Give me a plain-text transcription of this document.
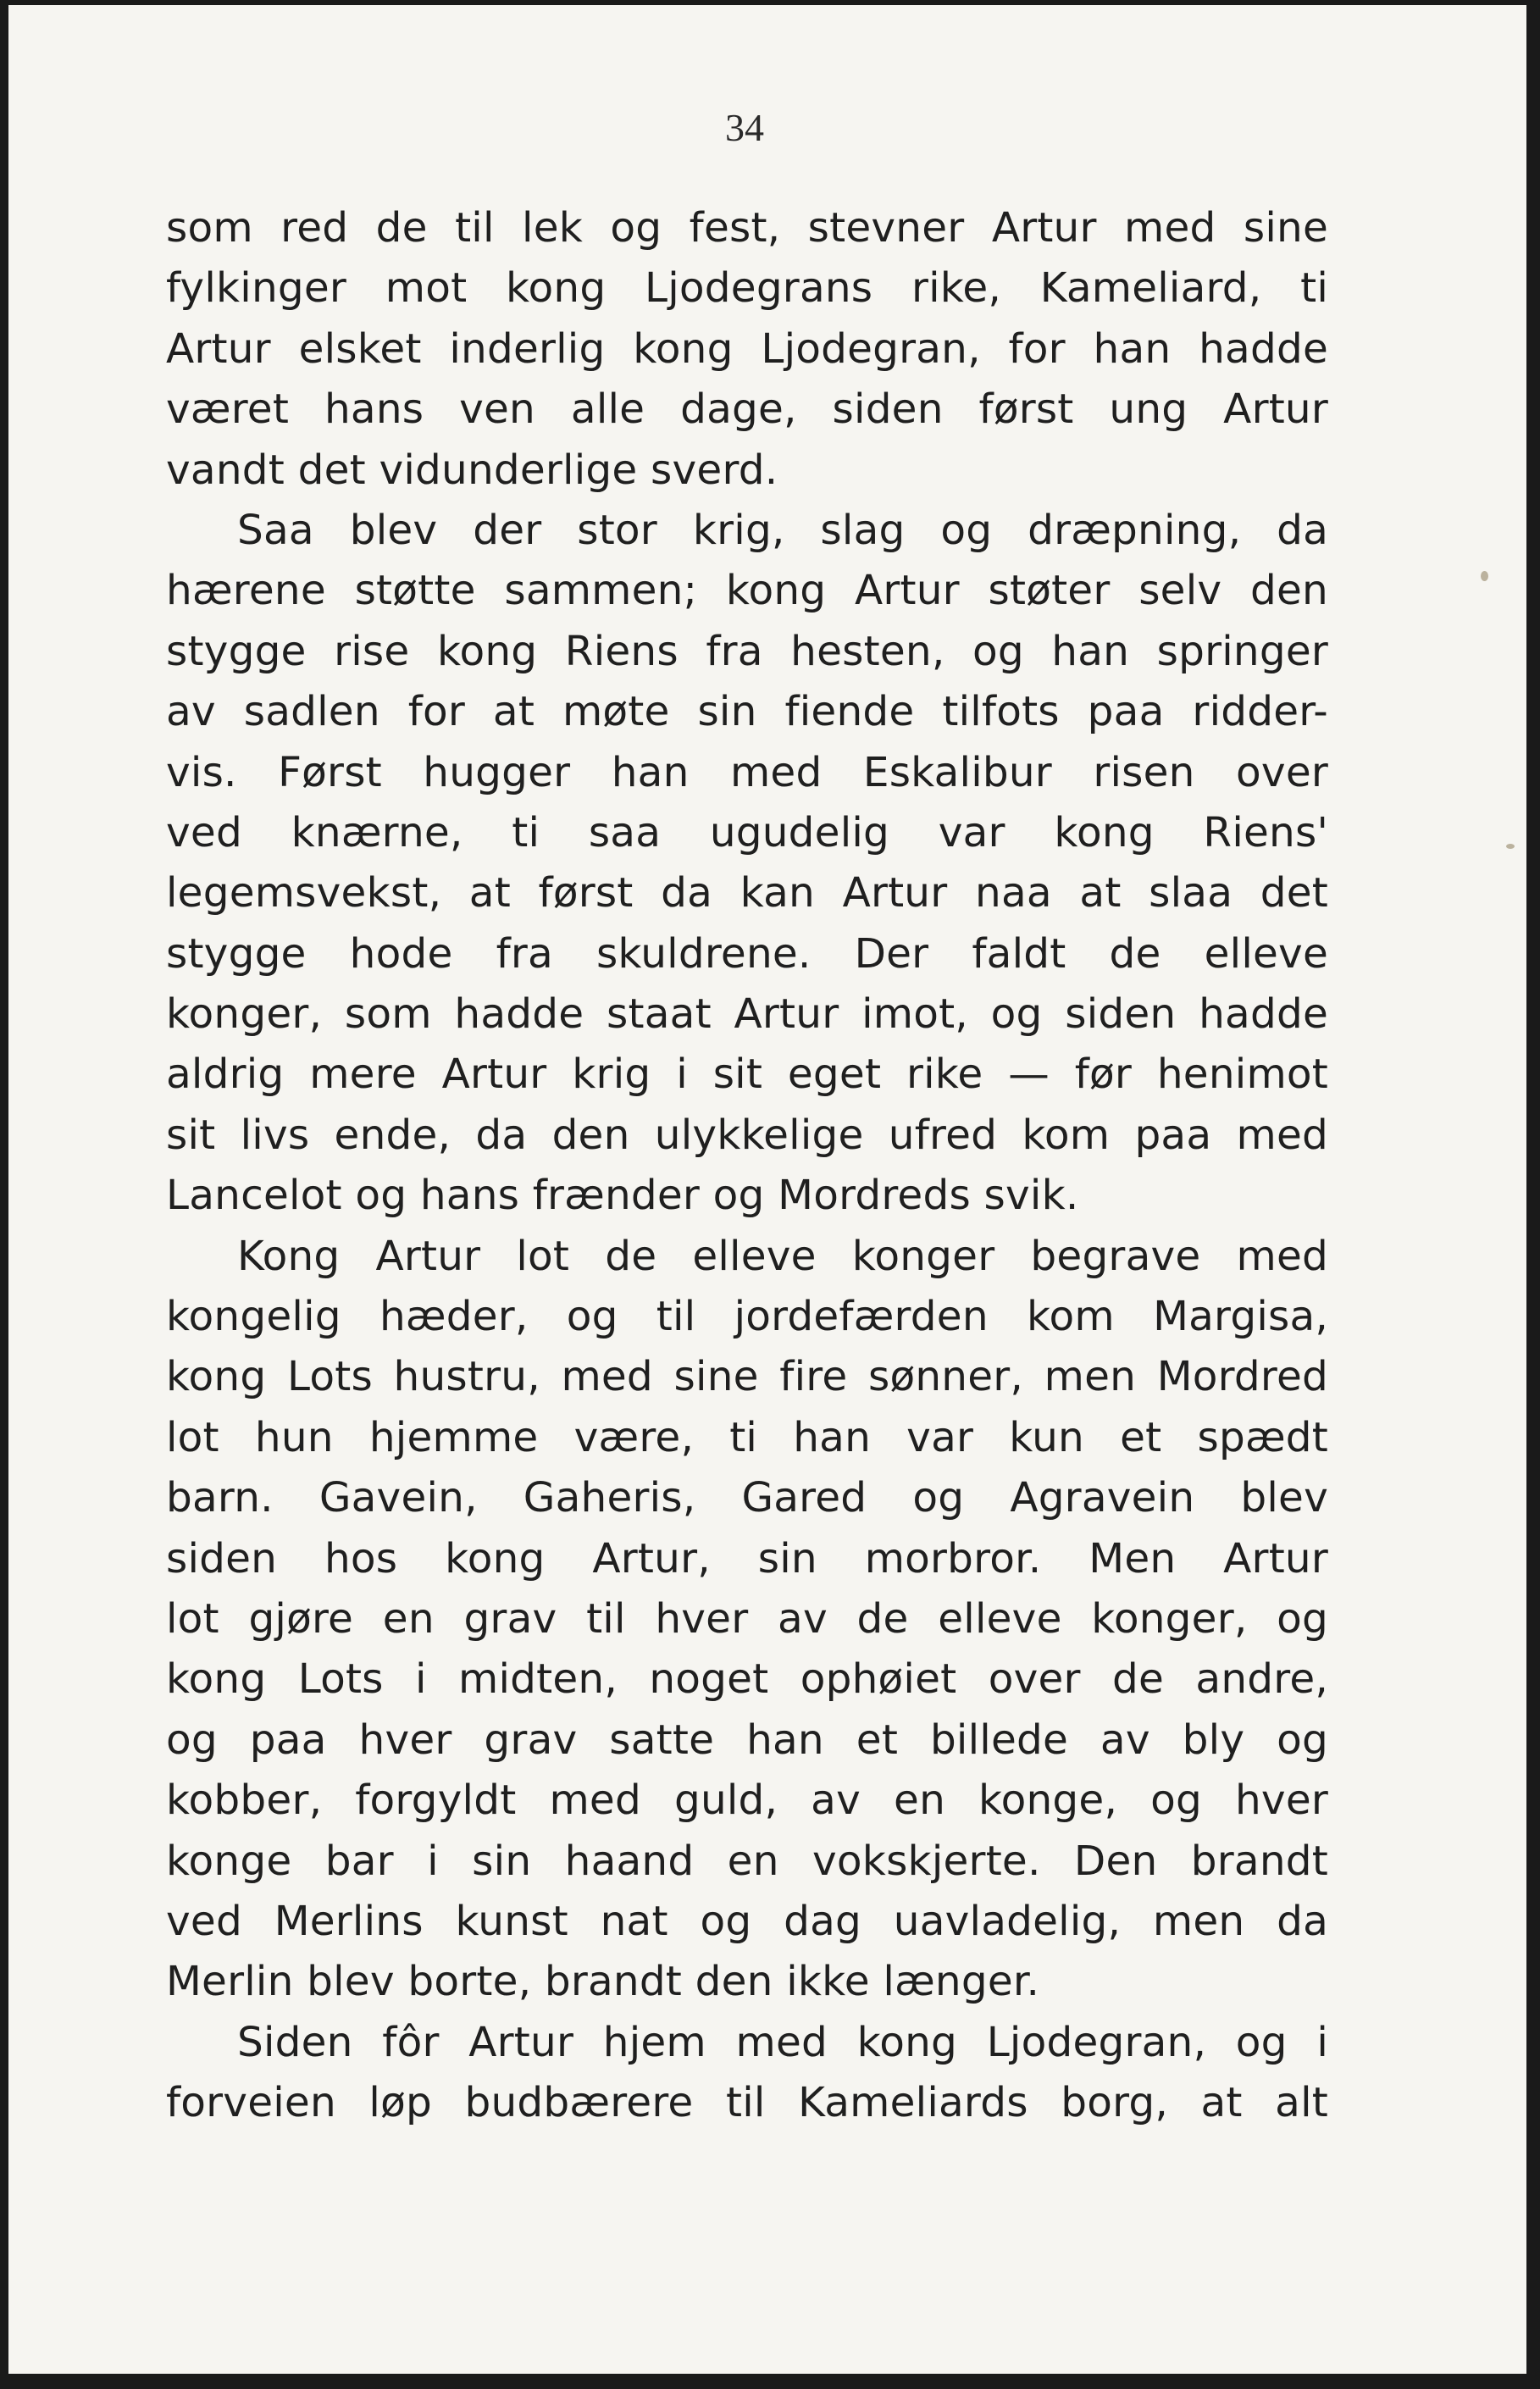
34
som red de til lek og fest, stevner Artur med sine
fylkinger mot kong Ljodegrans rike, Kameliard, ti
Artur elsket inderlig kong Ljodegran, for han hadde
været hans ven alle dage, siden først ung Artur
vandt det vidunderlige sverd.
Saa blev der stor krig, slag og dræpning, da
hærene støtte sammen; kong Artur støter selv den
stygge rise kong Riens fra hesten, og han springer
av sadlen for at møte sin fiende tilfots paa ridder-
vis. Først hugger han med Eskalibur risen over
ved knærne, ti saa ugudelig var kong Riens'
legemsvekst, at først da kan Artur naa at slaa det
stygge hode fra skuldrene. Der faldt de elleve
konger, som hadde staat Artur imot, og siden hadde
aldrig mere Artur krig i sit eget rike — før henimot
sit livs ende, da den ulykkelige ufred kom paa med
Lancelot og hans frænder og Mordreds svik.
Kong Artur lot de elleve konger begrave med
kongelig hæder, og til jordefærden kom Margisa,
kong Lots hustru, med sine fire sønner, men Mordred
lot hun hjemme være, ti han var kun et spædt
barn. Gavein, Gaheris, Gared og Agravein blev
siden hos kong Artur, sin morbror. Men Artur
lot gjøre en grav til hver av de elleve konger, og
kong Lots i midten, noget ophøiet over de andre,
og paa hver grav satte han et billede av bly og
kobber, forgyldt med guld, av en konge, og hver
konge bar i sin haand en vokskjerte. Den brandt
ved Merlins kunst nat og dag uavladelig, men da
Merlin blev borte, brandt den ikke længer.
Siden fôr Artur hjem med kong Ljodegran, og i
forveien løp budbærere til Kameliards borg, at alt
